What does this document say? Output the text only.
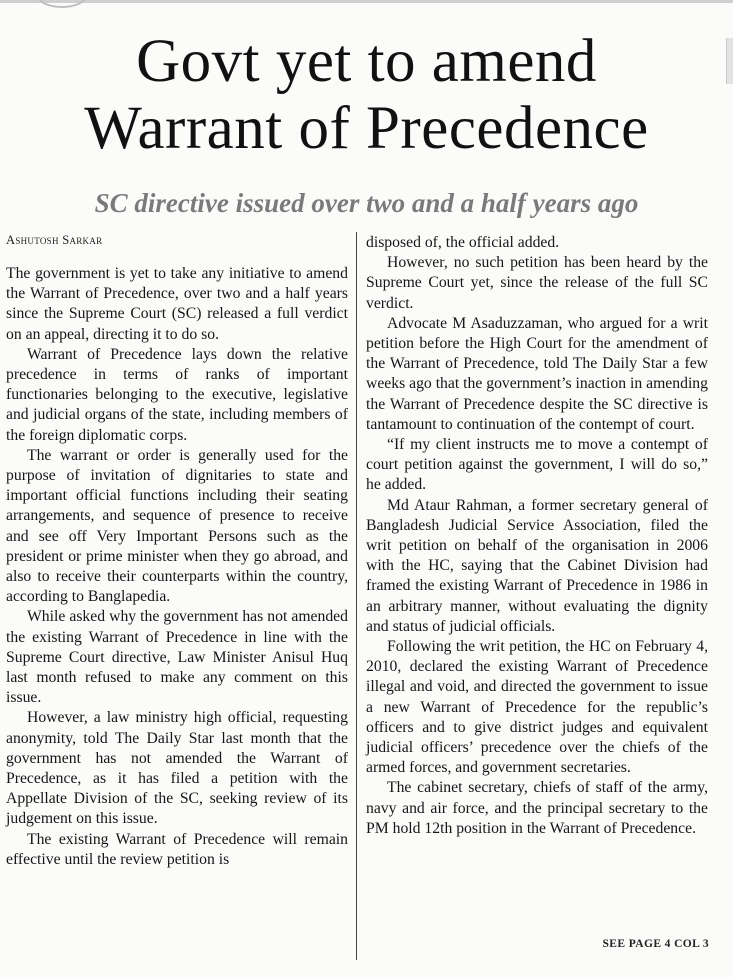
Govt yet to amend
Warrant of Precedence
SC directive issued over two and a half years ago

Ashutosh Sarkar

The government is yet to take any initiative to amend the Warrant of Precedence, over two and a half years since the Supreme Court (SC) released a full verdict on an appeal, directing it to do so.

Warrant of Precedence lays down the relative precedence in terms of ranks of important functionaries belonging to the executive, legislative and judicial organs of the state, including members of the foreign diplomatic corps.

The warrant or order is generally used for the purpose of invitation of dignitaries to state and important official functions including their seating arrangements, and sequence of presence to receive and see off Very Important Persons such as the president or prime minister when they go abroad, and also to receive their counterparts within the country, according to Banglapedia.

While asked why the government has not amended the existing Warrant of Precedence in line with the Supreme Court directive, Law Minister Anisul Huq last month refused to make any comment on this issue.

However, a law ministry high official, requesting anonymity, told The Daily Star last month that the government has not amended the Warrant of Precedence, as it has filed a petition with the Appellate Division of the SC, seeking review of its judgement on this issue.

The existing Warrant of Precedence will remain effective until the review petition is

disposed of, the official added.

However, no such petition has been heard by the Supreme Court yet, since the release of the full SC verdict.

Advocate M Asaduzzaman, who argued for a writ petition before the High Court for the amendment of the Warrant of Precedence, told The Daily Star a few weeks ago that the government’s inaction in amending the Warrant of Precedence despite the SC directive is tantamount to continuation of the contempt of court.

“If my client instructs me to move a contempt of court petition against the government, I will do so,” he added.

Md Ataur Rahman, a former secretary general of Bangladesh Judicial Service Association, filed the writ petition on behalf of the organisation in 2006 with the HC, saying that the Cabinet Division had framed the existing Warrant of Precedence in 1986 in an arbitrary manner, without evaluating the dignity and status of judicial officials.

Following the writ petition, the HC on February 4, 2010, declared the existing Warrant of Precedence illegal and void, and directed the government to issue a new Warrant of Precedence for the republic’s officers and to give district judges and equivalent judicial officers’ precedence over the chiefs of the armed forces, and government secretaries.

The cabinet secretary, chiefs of staff of the army, navy and air force, and the principal secretary to the PM hold 12th position in the Warrant of Precedence.

SEE PAGE 4 COL 3
